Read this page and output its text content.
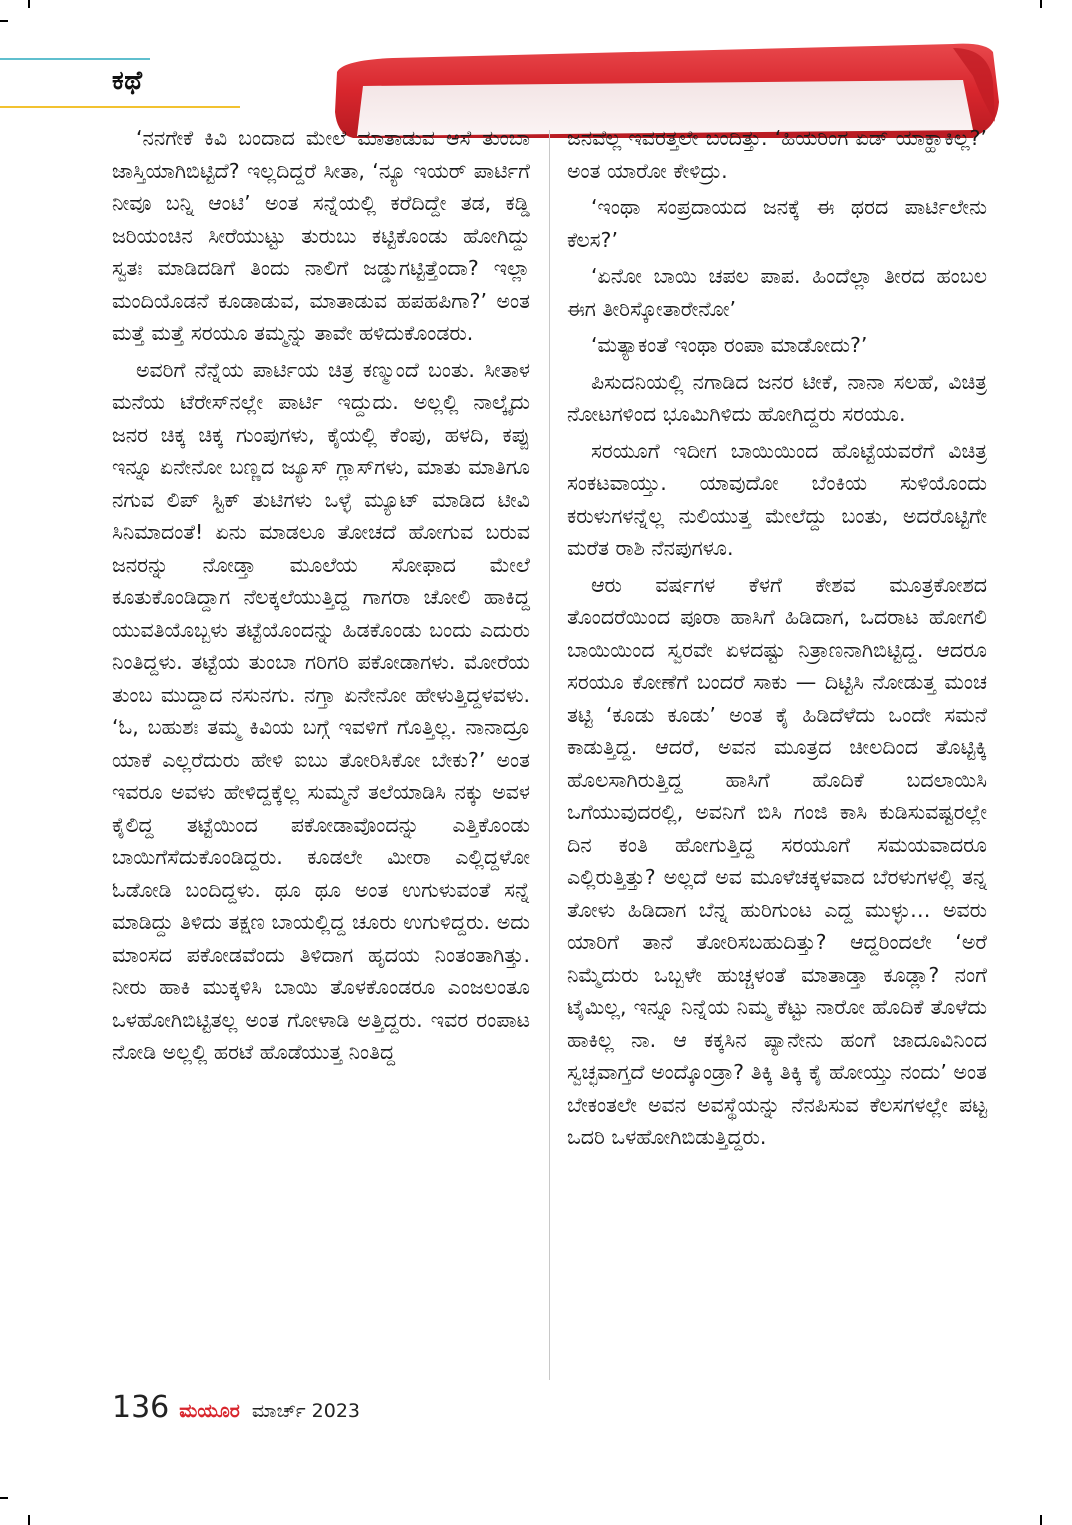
ಕಥೆ

‘ನನಗೇಕೆ ಕಿವಿ ಬಂದಾದ ಮೇಲೆ ಮಾತಾಡುವ ಆಸೆ ತುಂಬಾ ಜಾಸ್ತಿಯಾಗಿಬಿಟ್ಟಿದೆ? ಇಲ್ಲದಿದ್ದರೆ ಸೀತಾ, ‘ನ್ಯೂ ಇಯರ್ ಪಾರ್ಟಿಗೆ ನೀವೂ ಬನ್ನಿ ಆಂಟಿ’ ಅಂತ ಸನ್ನೆಯಲ್ಲಿ ಕರೆದಿದ್ದೇ ತಡ, ಕಡ್ಡಿ ಜರಿಯಂಚಿನ ಸೀರೆಯುಟ್ಟು ತುರುಬು ಕಟ್ಟಿಕೊಂಡು ಹೋಗಿದ್ದು ಸ್ವತಃ ಮಾಡಿದಡಿಗೆ ತಿಂದು ನಾಲಿಗೆ ಜಡ್ಡುಗಟ್ಟಿತ್ತೆಂದಾ? ಇಲ್ಲಾ ಮಂದಿಯೊಡನೆ ಕೂಡಾಡುವ, ಮಾತಾಡುವ ಹಪಹಪಿಗಾ?’ ಅಂತ ಮತ್ತೆ ಮತ್ತೆ ಸರಯೂ ತಮ್ಮನ್ನು ತಾವೇ ಹಳಿದುಕೊಂಡರು.

ಅವರಿಗೆ ನೆನ್ನೆಯ ಪಾರ್ಟಿಯ ಚಿತ್ರ ಕಣ್ಮುಂದೆ ಬಂತು. ಸೀತಾಳ ಮನೆಯ ಟೆರೇಸ್‌ನಲ್ಲೇ ಪಾರ್ಟಿ ಇದ್ದುದು. ಅಲ್ಲಲ್ಲಿ ನಾಲ್ಕೈದು ಜನರ ಚಿಕ್ಕ ಚಿಕ್ಕ ಗುಂಪುಗಳು, ಕೈಯಲ್ಲಿ ಕೆಂಪು, ಹಳದಿ, ಕಪ್ಪು ಇನ್ನೂ ಏನೇನೋ ಬಣ್ಣದ ಜ್ಯೂಸ್ ಗ್ಲಾಸ್‌ಗಳು, ಮಾತು ಮಾತಿಗೂ ನಗುವ ಲಿಪ್ ಸ್ಟಿಕ್ ತುಟಿಗಳು ಒಳ್ಳೆ ಮ್ಯೂಟ್ ಮಾಡಿದ ಟೀವಿ ಸಿನಿಮಾದಂತೆ! ಏನು ಮಾಡಲೂ ತೋಚದೆ ಹೋಗುವ ಬರುವ ಜನರನ್ನು ನೋಡ್ತಾ ಮೂಲೆಯ ಸೋಫಾದ ಮೇಲೆ ಕೂತುಕೊಂಡಿದ್ದಾಗ ನೆಲಕ್ಕಲೆಯುತ್ತಿದ್ದ ಗಾಗರಾ ಚೋಲಿ ಹಾಕಿದ್ದ ಯುವತಿಯೊಬ್ಬಳು ತಟ್ಟೆಯೊಂದನ್ನು ಹಿಡಕೊಂಡು ಬಂದು ಎದುರು ನಿಂತಿದ್ದಳು. ತಟ್ಟೆಯ ತುಂಬಾ ಗರಿಗರಿ ಪಕೋಡಾಗಳು. ಮೋರೆಯ ತುಂಬ ಮುದ್ದಾದ ನಸುನಗು. ನಗ್ತಾ ಏನೇನೋ ಹೇಳುತ್ತಿದ್ದಳವಳು. ‘ಓ, ಬಹುಶಃ ತಮ್ಮ ಕಿವಿಯ ಬಗ್ಗೆ ಇವಳಿಗೆ ಗೊತ್ತಿಲ್ಲ. ನಾನಾದ್ರೂ ಯಾಕೆ ಎಲ್ಲರೆದುರು ಹೇಳಿ ಐಬು ತೋರಿಸಿಕೋ ಬೇಕು?’ ಅಂತ ಇವರೂ ಅವಳು ಹೇಳಿದ್ದಕ್ಕೆಲ್ಲ ಸುಮ್ಮನೆ ತಲೆಯಾಡಿಸಿ ನಕ್ಕು ಅವಳ ಕೈಲಿದ್ದ ತಟ್ಟೆಯಿಂದ ಪಕೋಡಾವೊಂದನ್ನು ಎತ್ತಿಕೊಂಡು ಬಾಯಿಗೆಸೆದುಕೊಂಡಿದ್ದರು. ಕೂಡಲೇ ಮೀರಾ ಎಲ್ಲಿದ್ದಳೋ ಓಡೋಡಿ ಬಂದಿದ್ದಳು. ಥೂ ಥೂ ಅಂತ ಉಗುಳುವಂತೆ ಸನ್ನೆ ಮಾಡಿದ್ದು ತಿಳಿದು ತಕ್ಷಣ ಬಾಯಲ್ಲಿದ್ದ ಚೂರು ಉಗುಳಿದ್ದರು. ಅದು ಮಾಂಸದ ಪಕೋಡವೆಂದು ತಿಳಿದಾಗ ಹೃದಯ ನಿಂತಂತಾಗಿತ್ತು. ನೀರು ಹಾಕಿ ಮುಕ್ಕಳಿಸಿ ಬಾಯಿ ತೊಳಕೊಂಡರೂ ಎಂಜಲಂತೂ ಒಳಹೋಗಿಬಿಟ್ಟಿತಲ್ಲ ಅಂತ ಗೋಳಾಡಿ ಅತ್ತಿದ್ದರು. ಇವರ ರಂಪಾಟ ನೋಡಿ ಅಲ್ಲಲ್ಲಿ ಹರಟೆ ಹೊಡೆಯುತ್ತ ನಿಂತಿದ್ದ

ಜನವೆಲ್ಲ ಇವರತ್ತಲೇ ಬಂದಿತ್ತು. ‘ಹಿಯರಿಂಗ ಏಡ್ ಯಾಕ್ಹಾಕಿಲ್ಲ?’ ಅಂತ ಯಾರೋ ಕೇಳಿದ್ರು.

‘ಇಂಥಾ ಸಂಪ್ರದಾಯದ ಜನಕ್ಕೆ ಈ ಥರದ ಪಾರ್ಟಿಲೇನು ಕೆಲಸ?’

‘ಏನೋ ಬಾಯಿ ಚಪಲ ಪಾಪ. ಹಿಂದೆಲ್ಲಾ ತೀರದ ಹಂಬಲ ಈಗ ತೀರಿಸ್ಕೋತಾರೇನೋ’

‘ಮತ್ಯಾಕಂತೆ ಇಂಥಾ ರಂಪಾ ಮಾಡೋದು?’

ಪಿಸುದನಿಯಲ್ಲಿ ನಗಾಡಿದ ಜನರ ಟೀಕೆ, ನಾನಾ ಸಲಹೆ, ವಿಚಿತ್ರ ನೋಟಗಳಿಂದ ಭೂಮಿಗಿಳಿದು ಹೋಗಿದ್ದರು ಸರಯೂ.

ಸರಯೂಗೆ ಇದೀಗ ಬಾಯಿಯಿಂದ ಹೊಟ್ಟೆಯವರೆಗೆ ವಿಚಿತ್ರ ಸಂಕಟವಾಯ್ತು. ಯಾವುದೋ ಬೆಂಕಿಯ ಸುಳಿಯೊಂದು ಕರುಳುಗಳನ್ನೆಲ್ಲ ನುಲಿಯುತ್ತ ಮೇಲೆದ್ದು ಬಂತು, ಅದರೊಟ್ಟಿಗೇ ಮರೆತ ರಾಶಿ ನೆನಪುಗಳೂ.

ಆರು ವರ್ಷಗಳ ಕೆಳಗೆ ಕೇಶವ ಮೂತ್ರಕೋಶದ ತೊಂದರೆಯಿಂದ ಪೂರಾ ಹಾಸಿಗೆ ಹಿಡಿದಾಗ, ಒದರಾಟ ಹೋಗಲಿ ಬಾಯಿಯಿಂದ ಸ್ವರವೇ ಏಳದಷ್ಟು ನಿತ್ರಾಣನಾಗಿಬಿಟ್ಟಿದ್ದ. ಆದರೂ ಸರಯೂ ಕೋಣೆಗೆ ಬಂದರೆ ಸಾಕು — ದಿಟ್ಟಿಸಿ ನೋಡುತ್ತ ಮಂಚ ತಟ್ಟಿ ‘ಕೂಡು ಕೂಡು’ ಅಂತ ಕೈ ಹಿಡಿದೆಳೆದು ಒಂದೇ ಸಮನೆ ಕಾಡುತ್ತಿದ್ದ. ಆದರೆ, ಅವನ ಮೂತ್ರದ ಚೀಲದಿಂದ ತೊಟ್ಟಿಕ್ಕಿ ಹೊಲಸಾಗಿರುತ್ತಿದ್ದ ಹಾಸಿಗೆ ಹೊದಿಕೆ ಬದಲಾಯಿಸಿ ಒಗೆಯುವುದರಲ್ಲಿ, ಅವನಿಗೆ ಬಿಸಿ ಗಂಜಿ ಕಾಸಿ ಕುಡಿಸುವಷ್ಟರಲ್ಲೇ ದಿನ ಕಂತಿ ಹೋಗುತ್ತಿದ್ದ ಸರಯೂಗೆ ಸಮಯವಾದರೂ ಎಲ್ಲಿರುತ್ತಿತ್ತು? ಅಲ್ಲದೆ ಅವ ಮೂಳೆಚಕ್ಕಳವಾದ ಬೆರಳುಗಳಲ್ಲಿ ತನ್ನ ತೋಳು ಹಿಡಿದಾಗ ಬೆನ್ನ ಹುರಿಗುಂಟ ಎದ್ದ ಮುಳ್ಳು… ಅವರು ಯಾರಿಗೆ ತಾನೆ ತೋರಿಸಬಹುದಿತ್ತು? ಆದ್ದರಿಂದಲೇ ‘ಅರೆ ನಿಮ್ಮೆದುರು ಒಬ್ಬಳೇ ಹುಚ್ಚಳಂತೆ ಮಾತಾಡ್ತಾ ಕೂಡ್ಲಾ? ನಂಗೆ ಟೈಮಿಲ್ಲ, ಇನ್ನೂ ನಿನ್ನೆಯ ನಿಮ್ಮ ಕೆಟ್ಟು ನಾರೋ ಹೊದಿಕೆ ತೊಳೆದು ಹಾಕಿಲ್ಲ ನಾ. ಆ ಕಕ್ಕಸಿನ ಪ್ಯಾನೇನು ಹಂಗೆ ಜಾದೂವಿನಿಂದ ಸ್ವಚ್ಛವಾಗ್ತದೆ ಅಂದ್ಕೊಂಡ್ರಾ? ತಿಕ್ಕಿ ತಿಕ್ಕಿ ಕೈ ಹೋಯ್ತು ನಂದು’ ಅಂತ ಬೇಕಂತಲೇ ಅವನ ಅವಸ್ಥೆಯನ್ನು ನೆನಪಿಸುವ ಕೆಲಸಗಳಲ್ಲೇ ಪಟ್ಟ ಒದರಿ ಒಳಹೋಗಿಬಿಡುತ್ತಿದ್ದರು.

136 ಮಯೂರ ಮಾರ್ಚ್ 2023
